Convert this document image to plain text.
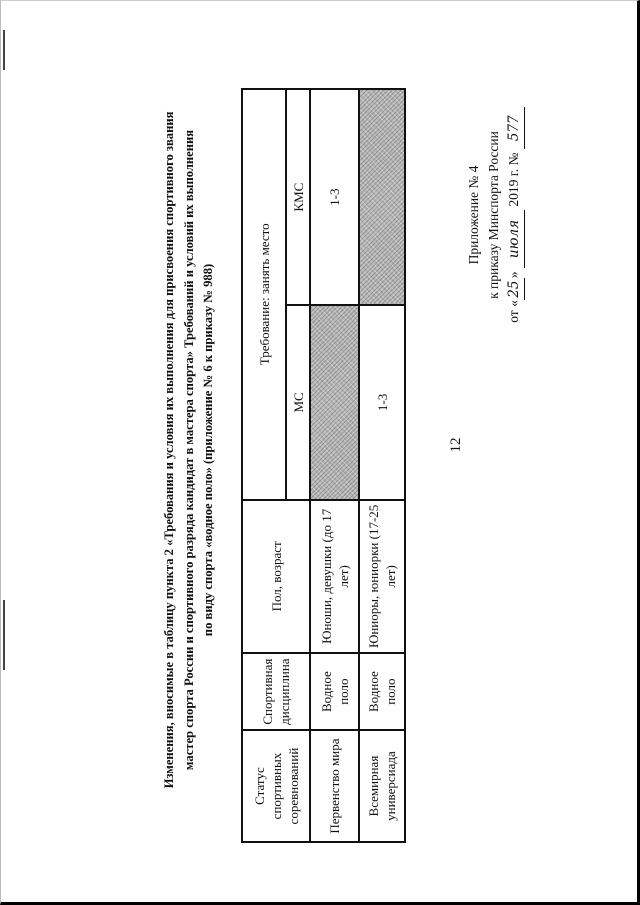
12
Приложение № 4 к приказу Минспорта России
от «25» июля 2019 г. № 577
Изменения, вносимые в таблицу пункта 2 «Требования и условия их выполнения для присвоения спортивного звания мастер спорта России и спортивного разряда кандидат в мастера спорта» Требований и условий их выполнения по виду спорта «водное поло» (приложение № 6 к приказу № 988)
Статус спортивных соревнований	Спортивная дисциплина	Пол, возраст	Требование: занять место	
			МС	КМС
Первенство мира	Водное поло	Юноши, девушки (до 17 лет)		1-3
Всемирная универсиада	Водное поло	Юниоры, юниорки (17-25 лет)	1-3	
